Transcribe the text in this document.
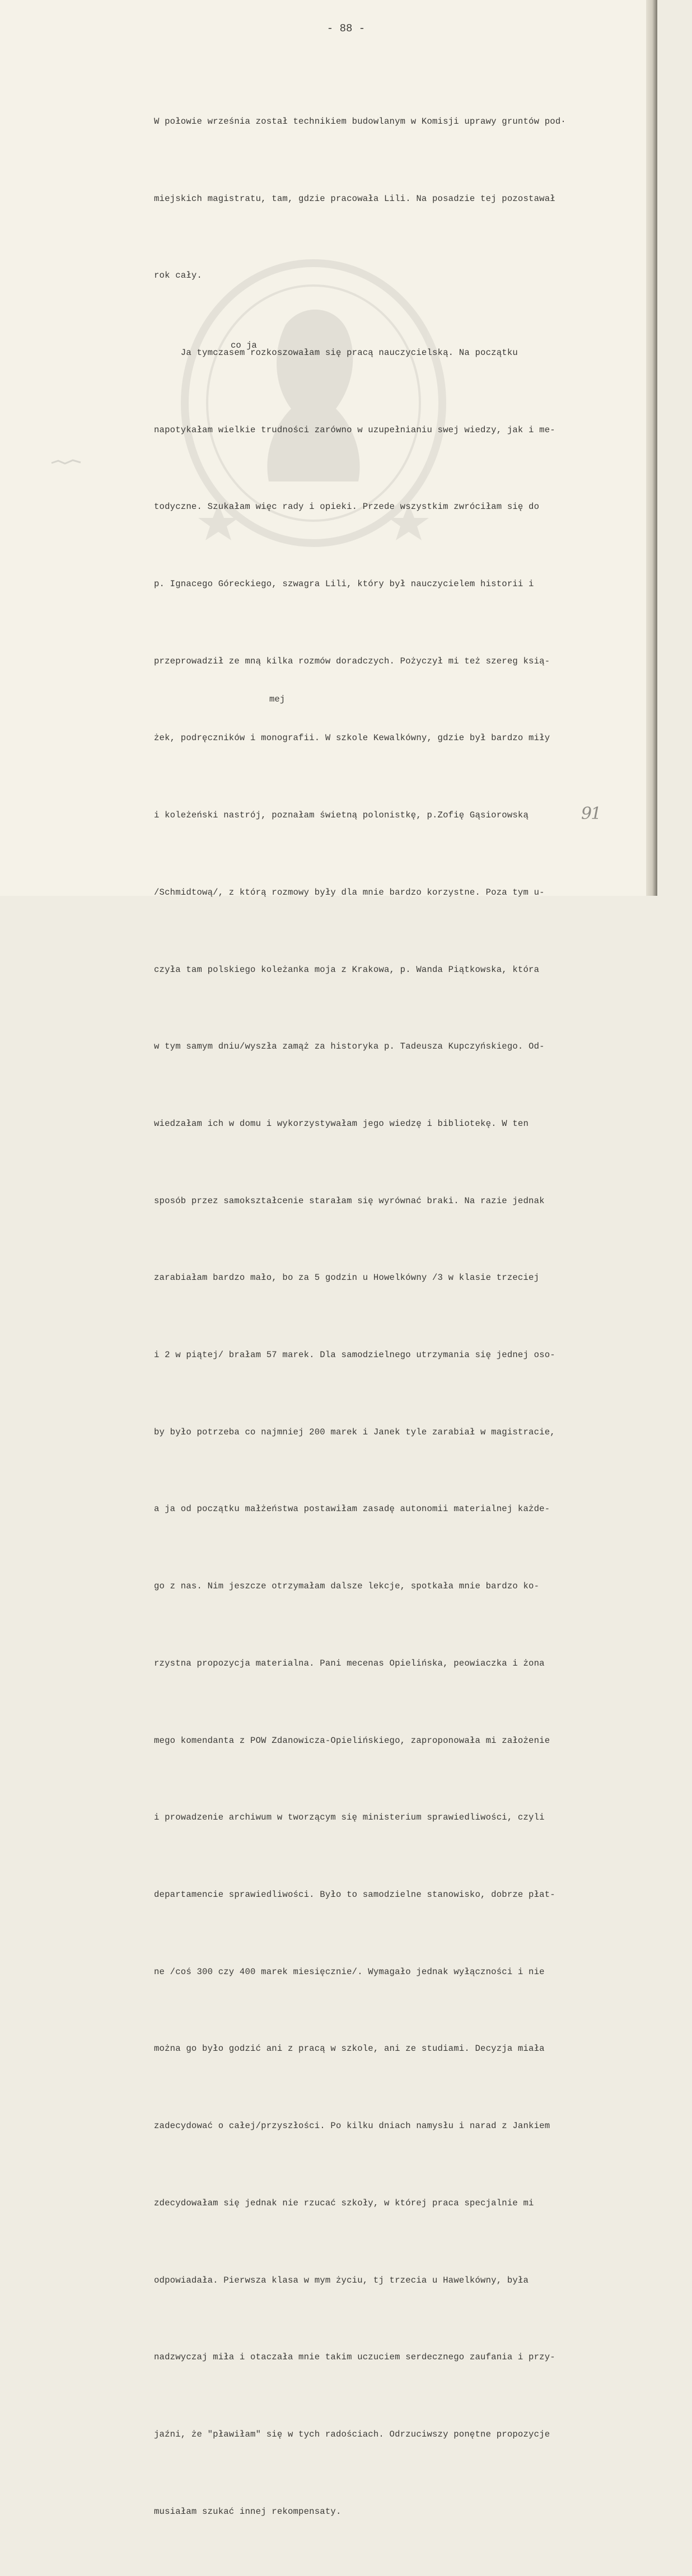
- 88 -

W połowie września został technikiem budowlanym w Komisji uprawy gruntów pod·

miejskich magistratu, tam, gdzie pracowała Lili. Na posadzie tej pozostawał

rok cały.

Ja tymczasem rozkoszowałam się pracą nauczycielską. Na początku

napotykałam wielkie trudności zarówno w uzupełnianiu swej wiedzy, jak i me-

todyczne. Szukałam więc rady i opieki. Przede wszystkim zwróciłam się do

p. Ignacego Góreckiego, szwagra Lili, który był nauczycielem historii i

przeprowadził ze mną kilka rozmów doradczych. Pożyczył mi też szereg ksią-

żek, podręczników i monografii. W szkole Kewalkówny, gdzie był bardzo miły

i koleżeński nastrój, poznałam świetną polonistkę, p.Zofię Gąsiorowską

/Schmidtową/, z którą rozmowy były dla mnie bardzo korzystne. Poza tym u-

czyła tam polskiego koleżanka moja z Krakowa, p. Wanda Piątkowska, która

w tym samym dniu/wyszła zamąż za historyka p. Tadeusza Kupczyńskiego. Od-

wiedzałam ich w domu i wykorzystywałam jego wiedzę i bibliotekę. W ten

sposób przez samokształcenie starałam się wyrównać braki. Na razie jednak

zarabiałam bardzo mało, bo za 5 godzin u Howelkówny /3 w klasie trzeciej

i 2 w piątej/ brałam 57 marek. Dla samodzielnego utrzymania się jednej oso-

by było potrzeba co najmniej 200 marek i Janek tyle zarabiał w magistracie,

a ja od początku małżeństwa postawiłam zasadę autonomii materialnej każde-

go z nas. Nim jeszcze otrzymałam dalsze lekcje, spotkała mnie bardzo ko-

rzystna propozycja materialna. Pani mecenas Opielińska, peowiaczka i żona

mego komendanta z POW Zdanowicza-Opielińskiego, zaproponowała mi założenie

i prowadzenie archiwum w tworzącym się ministerium sprawiedliwości, czyli

departamencie sprawiedliwości. Było to samodzielne stanowisko, dobrze płat-

ne /coś 300 czy 400 marek miesięcznie/. Wymagało jednak wyłączności i nie

można go było godzić ani z pracą w szkole, ani ze studiami. Decyzja miała

zadecydować o całej/przyszłości. Po kilku dniach namysłu i narad z Jankiem

zdecydowałam się jednak nie rzucać szkoły, w której praca specjalnie mi

odpowiadała. Pierwsza klasa w mym życiu, tj trzecia u Hawelkówny, była

nadzwyczaj miła i otaczała mnie takim uczuciem serdecznego zaufania i przy-

jaźni, że "pławiłam" się w tych radościach. Odrzuciwszy ponętne propozycje

musiałam szukać innej rekompensaty.

co ja
mej
91
